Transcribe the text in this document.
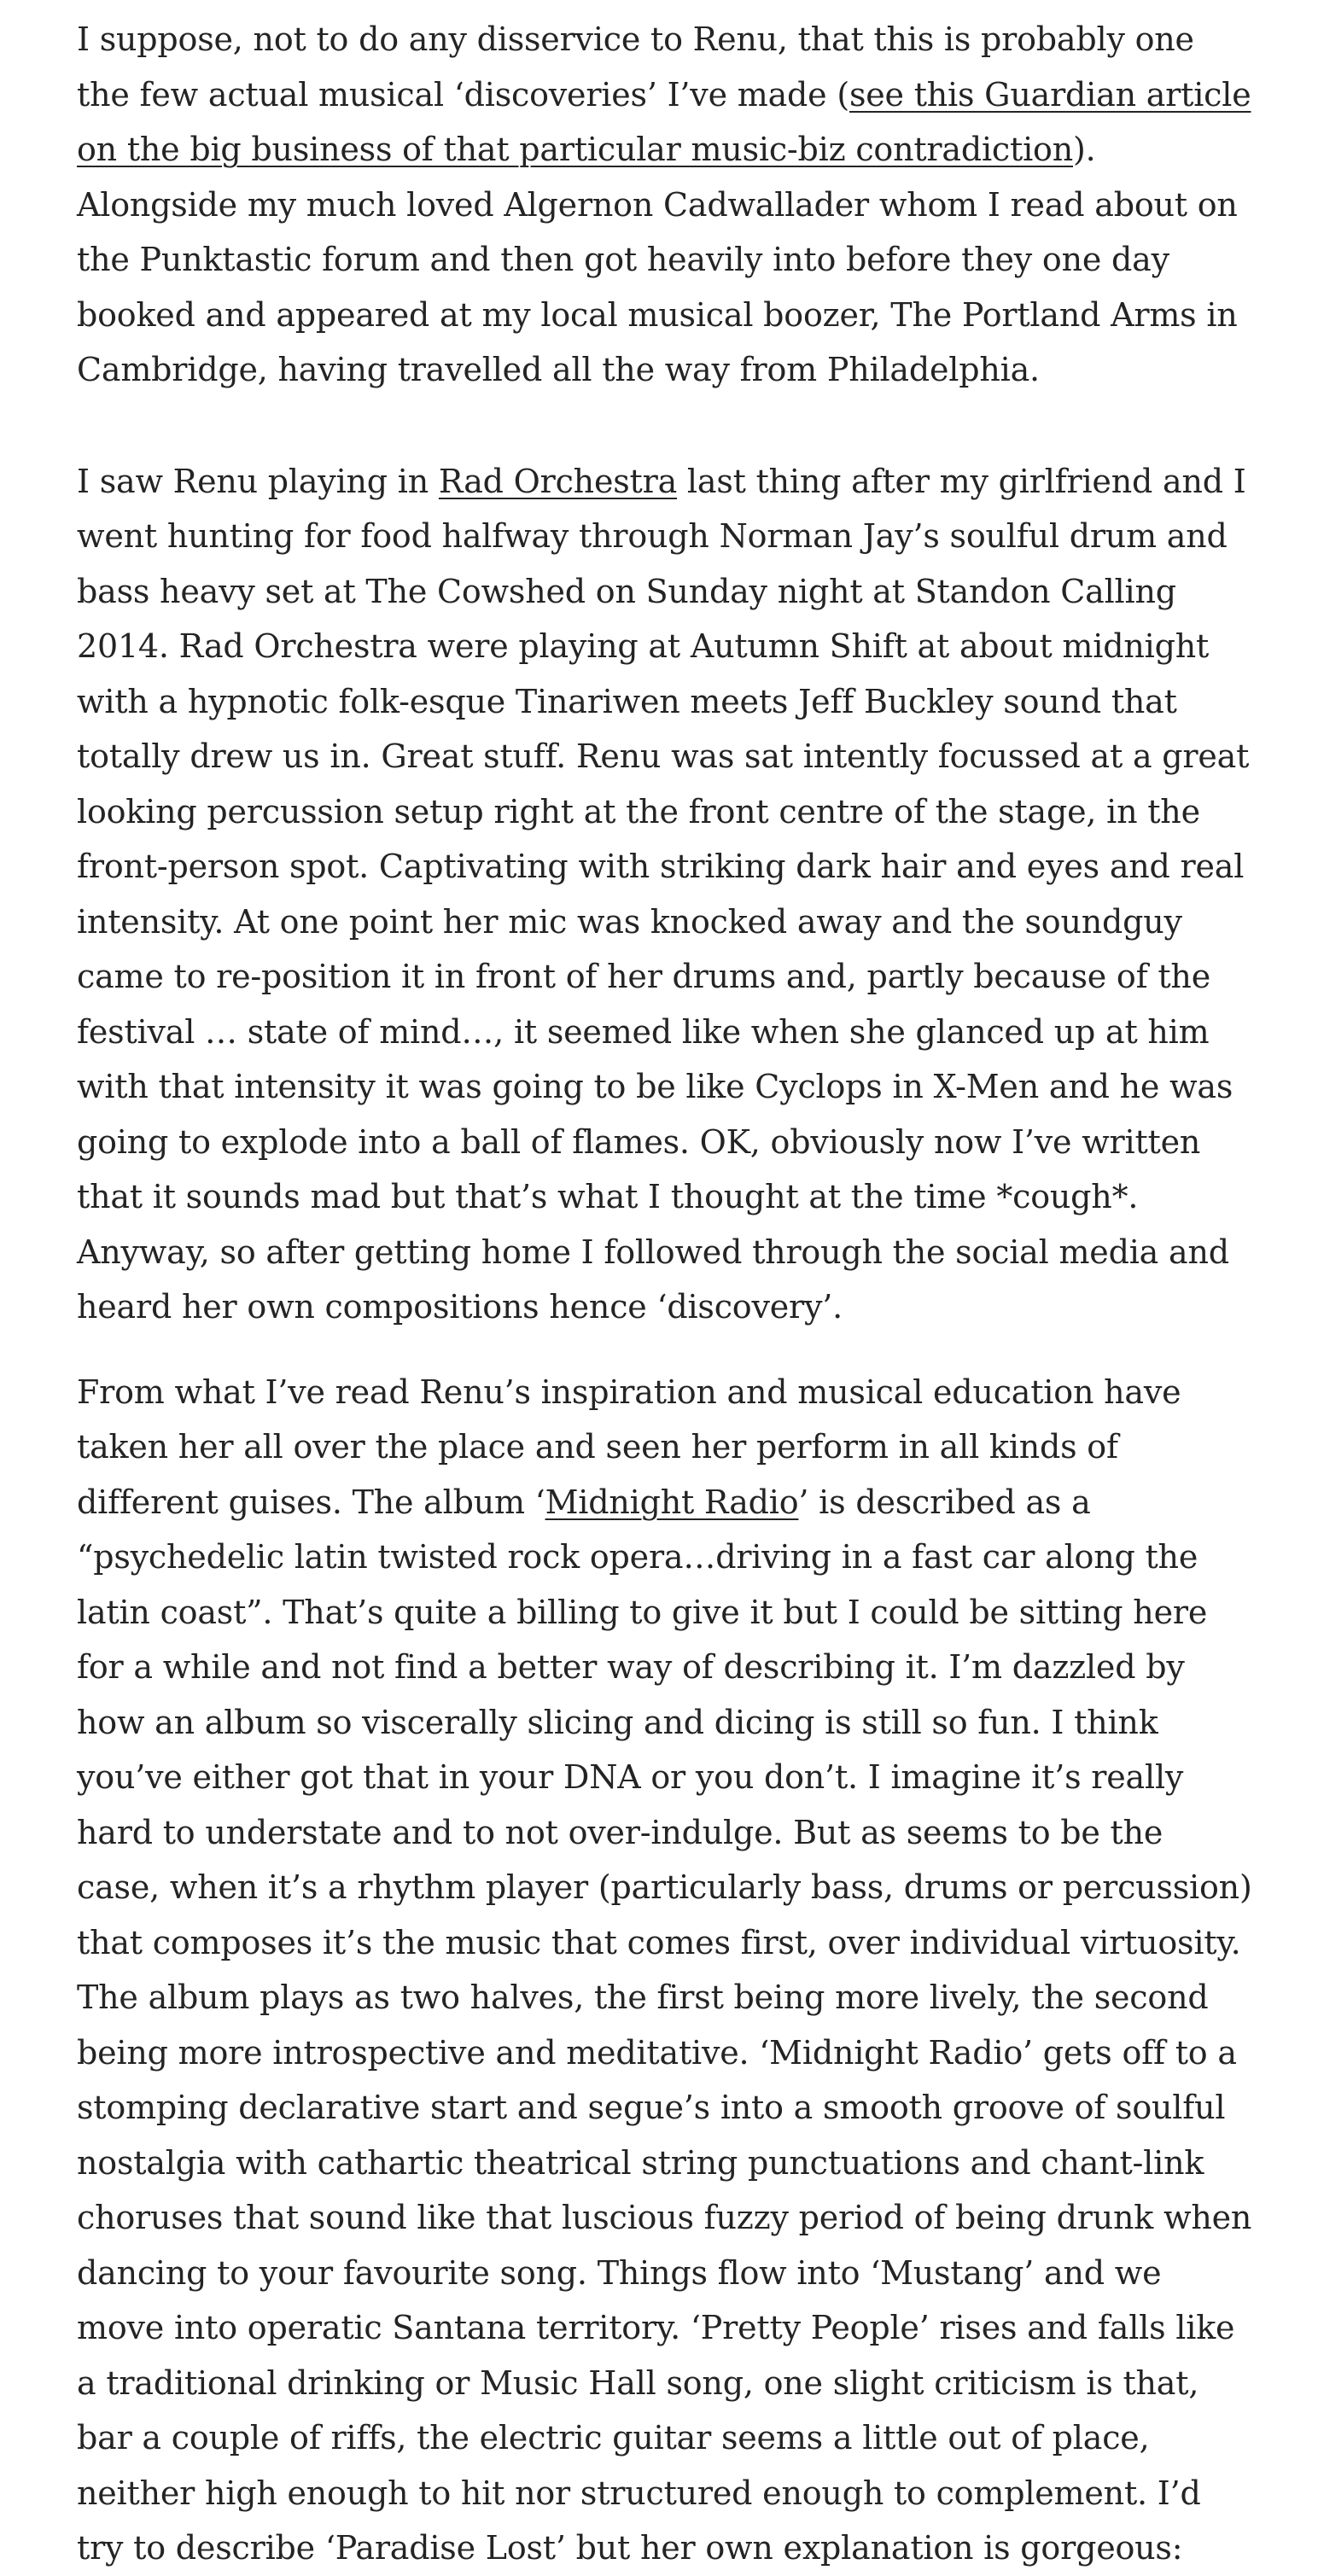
I suppose, not to do any disservice to Renu, that this is probably one the few actual musical ‘discoveries’ I’ve made (see this Guardian article on the big business of that particular music-biz contradiction). Alongside my much loved Algernon Cadwallader whom I read about on the Punktastic forum and then got heavily into before they one day booked and appeared at my local musical boozer, The Portland Arms in Cambridge, having travelled all the way from Philadelphia.

I saw Renu playing in Rad Orchestra last thing after my girlfriend and I went hunting for food halfway through Norman Jay’s soulful drum and bass heavy set at The Cowshed on Sunday night at Standon Calling 2014. Rad Orchestra were playing at Autumn Shift at about midnight with a hypnotic folk-esque Tinariwen meets Jeff Buckley sound that totally drew us in. Great stuff. Renu was sat intently focussed at a great looking percussion setup right at the front centre of the stage, in the front-person spot. Captivating with striking dark hair and eyes and real intensity. At one point her mic was knocked away and the soundguy came to re-position it in front of her drums and, partly because of the festival … state of mind…, it seemed like when she glanced up at him with that intensity it was going to be like Cyclops in X-Men and he was going to explode into a ball of flames. OK, obviously now I’ve written that it sounds mad but that’s what I thought at the time *cough*. Anyway, so after getting home I followed through the social media and heard her own compositions hence ‘discovery’.

From what I’ve read Renu’s inspiration and musical education have taken her all over the place and seen her perform in all kinds of different guises. The album ‘Midnight Radio’ is described as a “psychedelic latin twisted rock opera…driving in a fast car along the latin coast”. That’s quite a billing to give it but I could be sitting here for a while and not find a better way of describing it. I’m dazzled by how an album so viscerally slicing and dicing is still so fun. I think you’ve either got that in your DNA or you don’t. I imagine it’s really hard to understate and to not over-indulge. But as seems to be the case, when it’s a rhythm player (particularly bass, drums or percussion) that composes it’s the music that comes first, over individual virtuosity. The album plays as two halves, the first being more lively, the second being more introspective and meditative. ‘Midnight Radio’ gets off to a stomping declarative start and segue’s into a smooth groove of soulful nostalgia with cathartic theatrical string punctuations and chant-link choruses that sound like that luscious fuzzy period of being drunk when dancing to your favourite song. Things flow into ‘Mustang’ and we move into operatic Santana territory. ‘Pretty People’ rises and falls like a traditional drinking or Music Hall song, one slight criticism is that, bar a couple of riffs, the electric guitar seems a little out of place, neither high enough to hit nor structured enough to complement. I’d try to describe ‘Paradise Lost’ but her own explanation is gorgeous:
